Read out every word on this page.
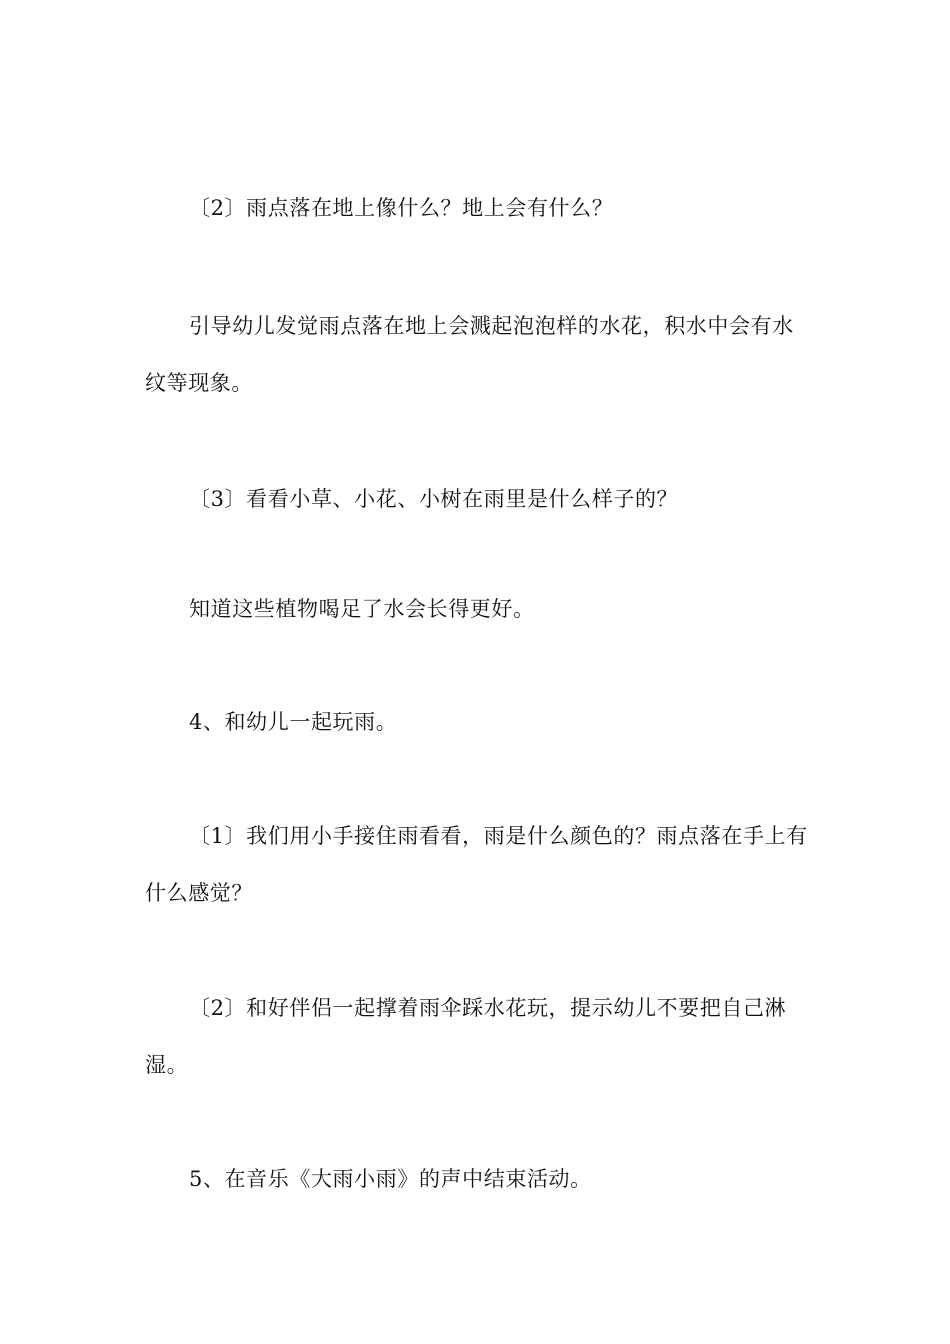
〔2〕雨点落在地上像什么？地上会有什么？

引导幼儿发觉雨点落在地上会溅起泡泡样的水花，积水中会有水纹等现象。

〔3〕看看小草、小花、小树在雨里是什么样子的？

知道这些植物喝足了水会长得更好。

4、和幼儿一起玩雨。

〔1〕我们用小手接住雨看看，雨是什么颜色的？雨点落在手上有什么感觉？

〔2〕和好伴侣一起撑着雨伞踩水花玩，提示幼儿不要把自己淋湿。

5、在音乐《大雨小雨》的声中结束活动。
